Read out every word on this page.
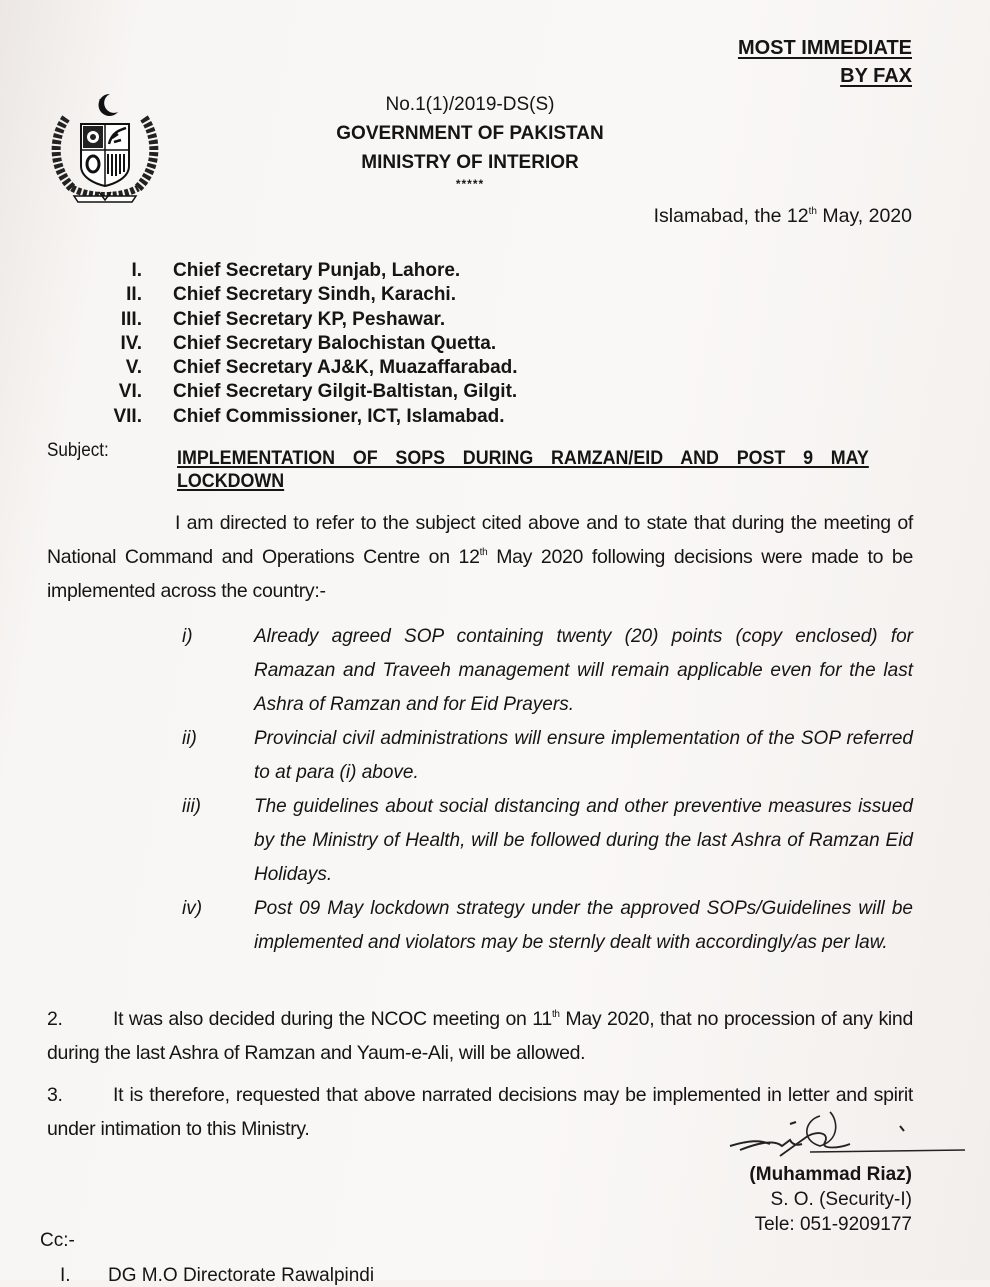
MOST IMMEDIATE
BY FAX
★	No.1(1)/2019-DS(S)
GOVERNMENT OF PAKISTAN
MINISTRY OF INTERIOR
*****
Islamabad, the 12th May, 2020
I. Chief Secretary Punjab, Lahore.
II. Chief Secretary Sindh, Karachi.
III. Chief Secretary KP, Peshawar.
IV. Chief Secretary Balochistan Quetta.
V. Chief Secretary AJ&K, Muazaffarabad.
VI. Chief Secretary Gilgit-Baltistan, Gilgit.
VII. Chief Commissioner, ICT, Islamabad.
Subject:	IMPLEMENTATION OF SOPS DURING RAMZAN/EID AND POST 9 MAY LOCKDOWN
I am directed to refer to the subject cited above and to state that during the meeting of National Command and Operations Centre on 12th May 2020 following decisions were made to be implemented across the country:-
i)	Already agreed SOP containing twenty (20) points (copy enclosed) for Ramazan and Traveeh management will remain applicable even for the last Ashra of Ramzan and for Eid Prayers.
ii)	Provincial civil administrations will ensure implementation of the SOP referred to at para (i) above.
iii)	The guidelines about social distancing and other preventive measures issued by the Ministry of Health, will be followed during the last Ashra of Ramzan Eid Holidays.
iv)	Post 09 May lockdown strategy under the approved SOPs/Guidelines will be implemented and violators may be sternly dealt with accordingly/as per law.
2.	It was also decided during the NCOC meeting on 11th May 2020, that no procession of any kind during the last Ashra of Ramzan and Yaum-e-Ali, will be allowed.
3.	It is therefore, requested that above narrated decisions may be implemented in letter and spirit under intimation to this Ministry.
(Muhammad Riaz)
S. O. (Security-I)
Tele: 051-9209177
Cc:-
I.	DG M.O Directorate Rawalpindi
